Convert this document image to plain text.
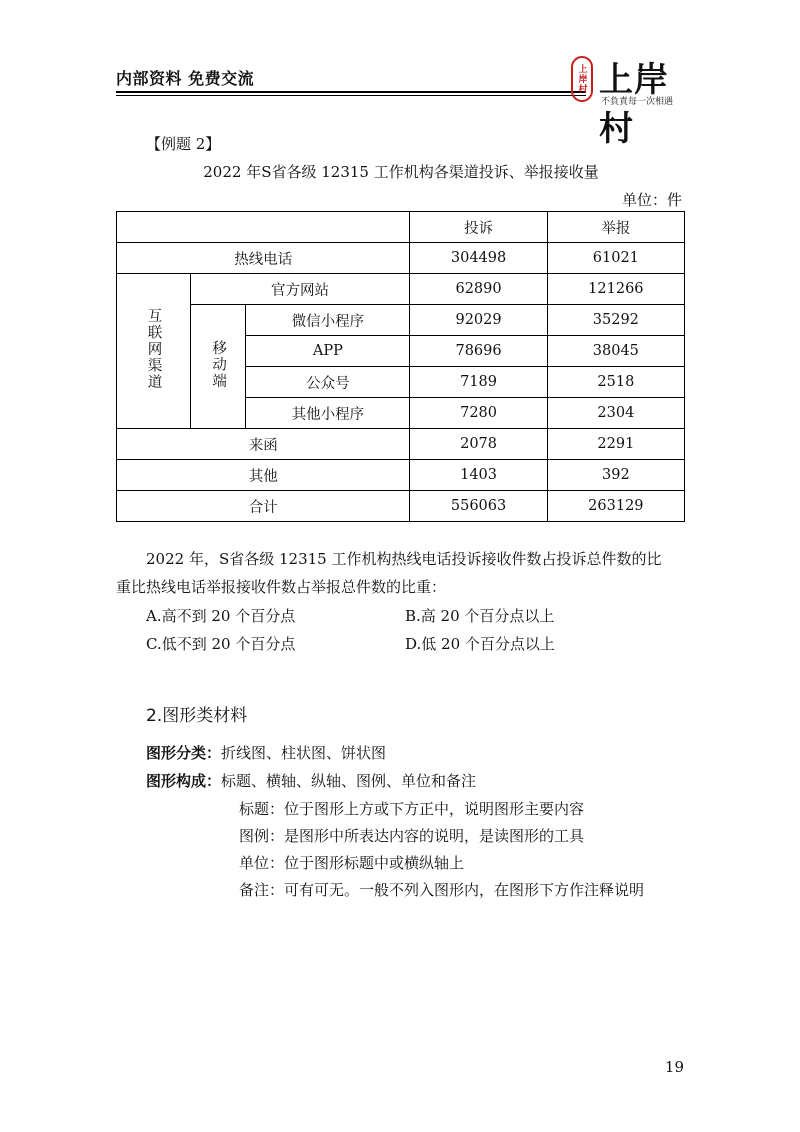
内部资料 免费交流	上岸村 上岸村
不負責每一次相遇
【例题 2】
2022 年S省各级 12315 工作机构各渠道投诉、举报接收量
单位：件
			投诉	举报
热线电话			304498	61021
互联网渠道	官方网站		62890	121266
	移动端	微信小程序	92029	35292
		APP	78696	38045
		公众号	7189	2518
		其他小程序	7280	2304
来函			2078	2291
其他			1403	392
合计			556063	263129
2022 年，S省各级 12315 工作机构热线电话投诉接收件数占投诉总件数的比
重比热线电话举报接收件数占举报总件数的比重：
A.高不到 20 个百分点	B.高 20 个百分点以上
C.低不到 20 个百分点	D.低 20 个百分点以上
2.图形类材料
图形分类：折线图、柱状图、饼状图
图形构成：标题、横轴、纵轴、图例、单位和备注
标题：位于图形上方或下方正中，说明图形主要内容
图例：是图形中所表达内容的说明，是读图形的工具
单位：位于图形标题中或横纵轴上
备注：可有可无。一般不列入图形内，在图形下方作注释说明
19
